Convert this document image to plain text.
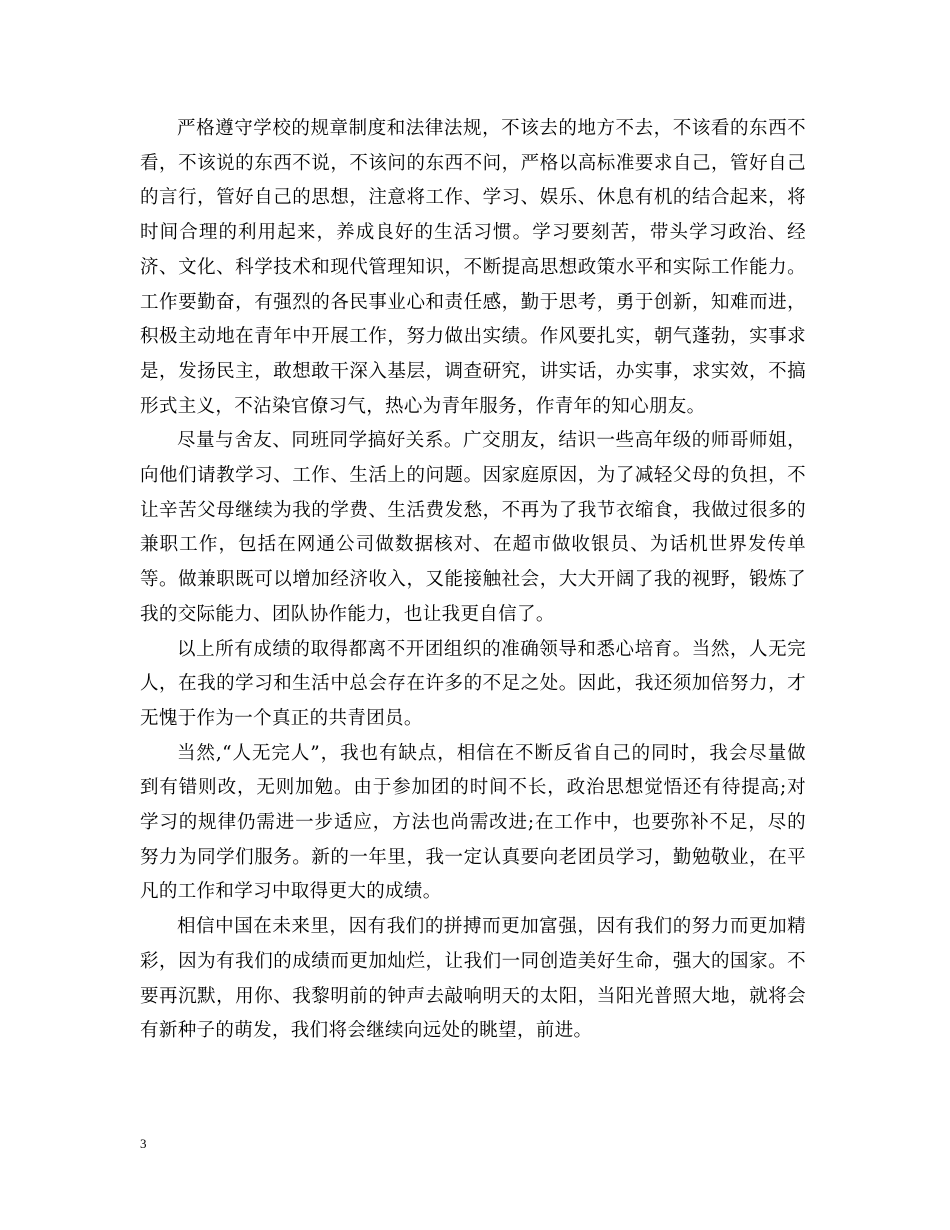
严格遵守学校的规章制度和法律法规，不该去的地方不去，不该看的东西不看，不该说的东西不说，不该问的东西不问，严格以高标准要求自己，管好自己的言行，管好自己的思想，注意将工作、学习、娱乐、休息有机的结合起来，将时间合理的利用起来，养成良好的生活习惯。学习要刻苦，带头学习政治、经济、文化、科学技术和现代管理知识，不断提高思想政策水平和实际工作能力。工作要勤奋，有强烈的各民事业心和责任感，勤于思考，勇于创新，知难而进，积极主动地在青年中开展工作，努力做出实绩。作风要扎实，朝气蓬勃，实事求是，发扬民主，敢想敢干深入基层，调查研究，讲实话，办实事，求实效，不搞形式主义，不沾染官僚习气，热心为青年服务，作青年的知心朋友。

尽量与舍友、同班同学搞好关系。广交朋友，结识一些高年级的师哥师姐，向他们请教学习、工作、生活上的问题。因家庭原因，为了减轻父母的负担，不让辛苦父母继续为我的学费、生活费发愁，不再为了我节衣缩食，我做过很多的兼职工作，包括在网通公司做数据核对、在超市做收银员、为话机世界发传单等。做兼职既可以增加经济收入，又能接触社会，大大开阔了我的视野，锻炼了我的交际能力、团队协作能力，也让我更自信了。

以上所有成绩的取得都离不开团组织的准确领导和悉心培育。当然，人无完人，在我的学习和生活中总会存在许多的不足之处。因此，我还须加倍努力，才无愧于作为一个真正的共青团员。

当然,“人无完人”，我也有缺点，相信在不断反省自己的同时，我会尽量做到有错则改，无则加勉。由于参加团的时间不长，政治思想觉悟还有待提高;对学习的规律仍需进一步适应，方法也尚需改进;在工作中，也要弥补不足，尽的努力为同学们服务。新的一年里，我一定认真要向老团员学习，勤勉敬业，在平凡的工作和学习中取得更大的成绩。

相信中国在未来里，因有我们的拼搏而更加富强，因有我们的努力而更加精彩，因为有我们的成绩而更加灿烂，让我们一同创造美好生命，强大的国家。不要再沉默，用你、我黎明前的钟声去敲响明天的太阳，当阳光普照大地，就将会有新种子的萌发，我们将会继续向远处的眺望，前进。

3
